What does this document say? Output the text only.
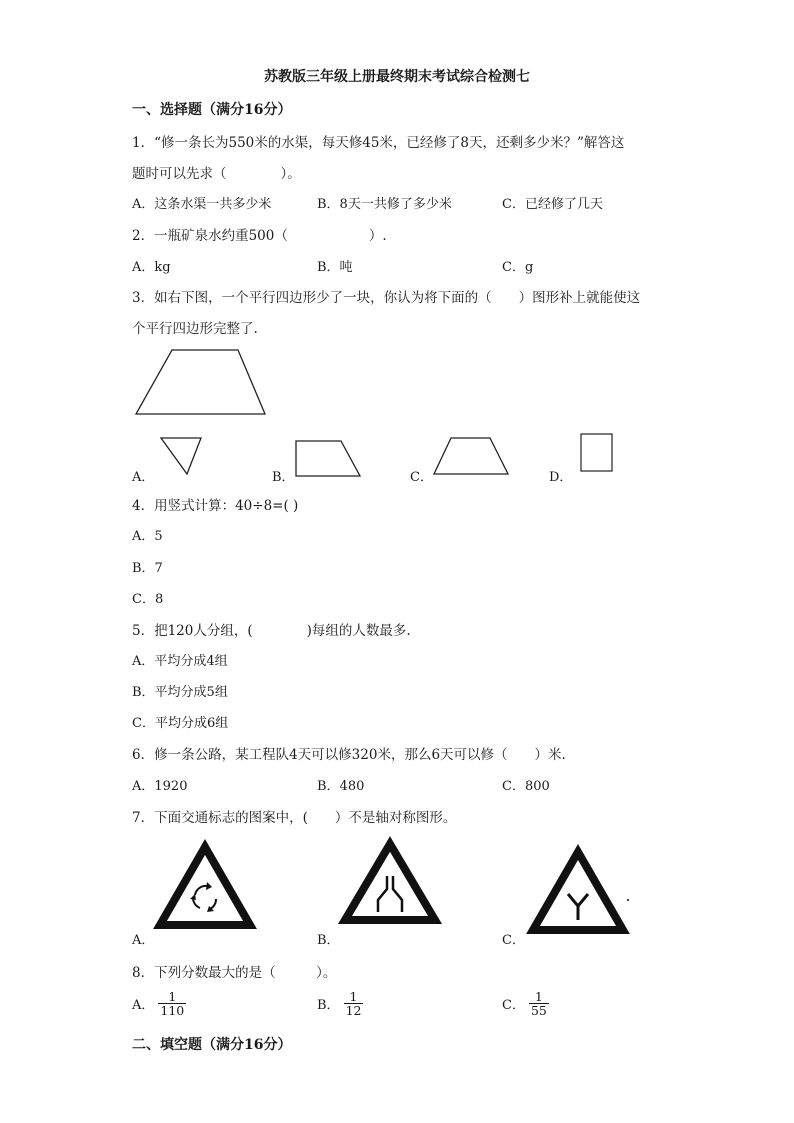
苏教版三年级上册最终期末考试综合检测七
一、选择题（满分16分）
1．“修一条长为550米的水渠，每天修45米，已经修了8天，还剩多少米？”解答这
题时可以先求（　　　　）。
A．这条水渠一共多少米	B．8天一共修了多少米	C．已经修了几天
2．一瓶矿泉水约重500（　　　　　　）.
A．kg	B．吨	C．g
3．如右下图，一个平行四边形少了一块，你认为将下面的（　　）图形补上就能使这
个平行四边形完整了.
A．	B．	C．	D．
4．用竖式计算：40÷8=( )
A．5
B．7
C．8
5．把120人分组，(　　　　)每组的人数最多.
A．平均分成4组
B．平均分成5组
C．平均分成6组
6．修一条公路，某工程队4天可以修320米，那么6天可以修（　　）米.
A．1920	B．480	C．800
7．下面交通标志的图案中，(　　）不是轴对称图形。
A．	B．	C．
8．下列分数最大的是（　　　）。
A． $\frac{1}{110}$	B． $\frac{1}{12}$	C． $\frac{1}{55}$
二、填空题（满分16分）
